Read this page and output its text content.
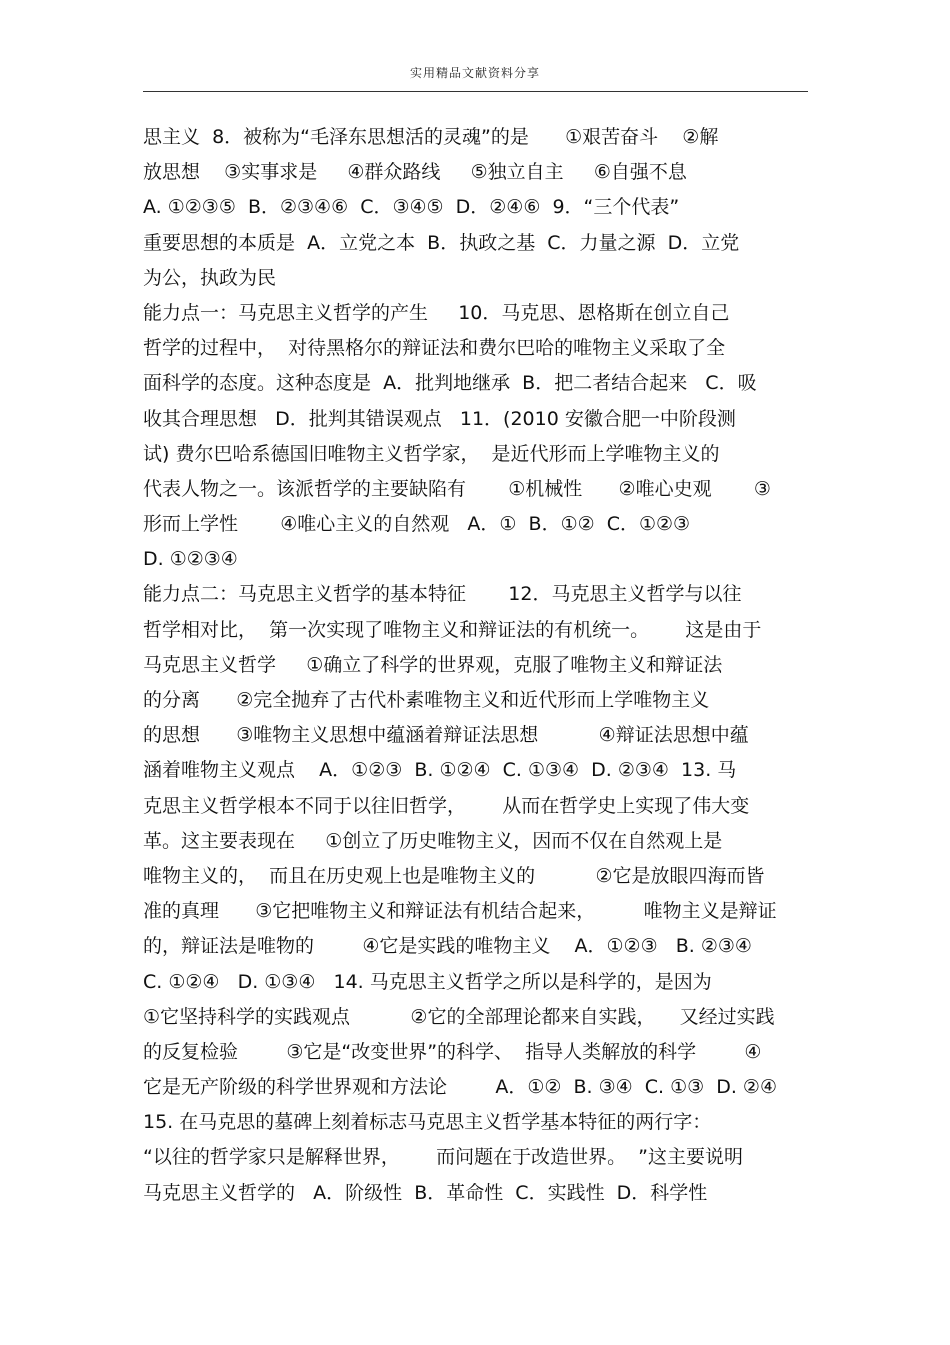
实用精品文献资料分享
思主义  8．被称为“毛泽东思想活的灵魂”的是      ①艰苦奋斗    ②解
放思想    ③实事求是     ④群众路线     ⑤独立自主     ⑥自强不息
A. ①②③⑤  B．②③④⑥  C．③④⑤  D．②④⑥  9．“三个代表”
重要思想的本质是  A．立党之本  B．执政之基  C．力量之源  D．立党
为公，执政为民
能力点一：马克思主义哲学的产生     10．马克思、恩格斯在创立自己
哲学的过程中，  对待黑格尔的辩证法和费尔巴哈的唯物主义采取了全
面科学的态度。这种态度是  A．批判地继承  B．把二者结合起来   C．吸
收其合理思想   D．批判其错误观点   11．(2010 安徽合肥一中阶段测
试) 费尔巴哈系德国旧唯物主义哲学家，  是近代形而上学唯物主义的
代表人物之一。该派哲学的主要缺陷有       ①机械性      ②唯心史观       ③
形而上学性       ④唯心主义的自然观   A．①  B．①②  C．①②③
D. ①②③④
能力点二：马克思主义哲学的基本特征       12．马克思主义哲学与以往
哲学相对比，  第一次实现了唯物主义和辩证法的有机统一。      这是由于
马克思主义哲学     ①确立了科学的世界观，克服了唯物主义和辩证法
的分离      ②完全抛弃了古代朴素唯物主义和近代形而上学唯物主义
的思想      ③唯物主义思想中蕴涵着辩证法思想          ④辩证法思想中蕴
涵着唯物主义观点    A．①②③  B. ①②④  C. ①③④  D. ②③④  13. 马
克思主义哲学根本不同于以往旧哲学，      从而在哲学史上实现了伟大变
革。这主要表现在     ①创立了历史唯物主义，因而不仅在自然观上是
唯物主义的，  而且在历史观上也是唯物主义的          ②它是放眼四海而皆
准的真理      ③它把唯物主义和辩证法有机结合起来，        唯物主义是辩证
的，辩证法是唯物的        ④它是实践的唯物主义    A．①②③   B. ②③④
C. ①②④   D. ①③④   14. 马克思主义哲学之所以是科学的，是因为
①它坚持科学的实践观点          ②它的全部理论都来自实践，    又经过实践
的反复检验        ③它是“改变世界”的科学、  指导人类解放的科学        ④
它是无产阶级的科学世界观和方法论        A．①②  B. ③④  C. ①③  D. ②④
15. 在马克思的墓碑上刻着标志马克思主义哲学基本特征的两行字：
“以往的哲学家只是解释世界，      而问题在于改造世界。  ”这主要说明
马克思主义哲学的   A．阶级性  B．革命性  C．实践性  D．科学性
